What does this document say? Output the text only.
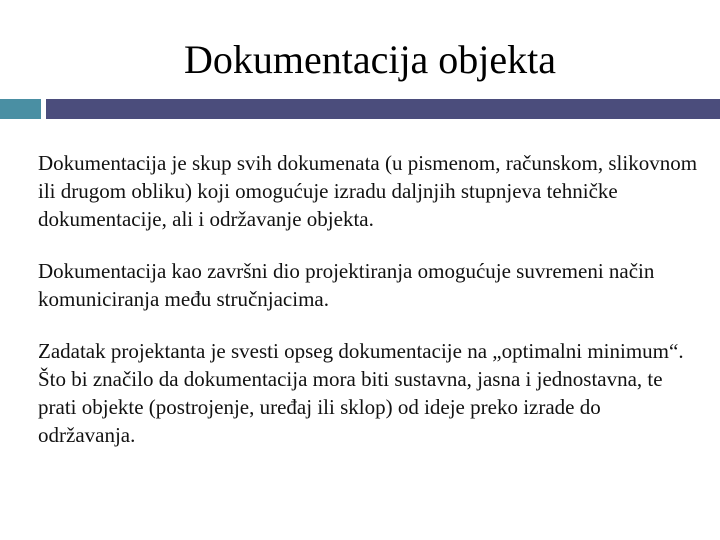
Dokumentacija objekta

Dokumentacija je skup svih dokumenata (u pismenom, računskom, slikovnom ili drugom obliku) koji omogućuje izradu daljnjih stupnjeva tehničke dokumentacije, ali i održavanje objekta.

Dokumentacija kao završni dio projektiranja omogućuje suvremeni način komuniciranja među stručnjacima.

Zadatak projektanta je svesti opseg dokumentacije na „optimalni minimum“. Što bi značilo da dokumentacija mora biti sustavna, jasna i jednostavna, te prati objekte (postrojenje, uređaj ili sklop) od ideje preko izrade do održavanja.
